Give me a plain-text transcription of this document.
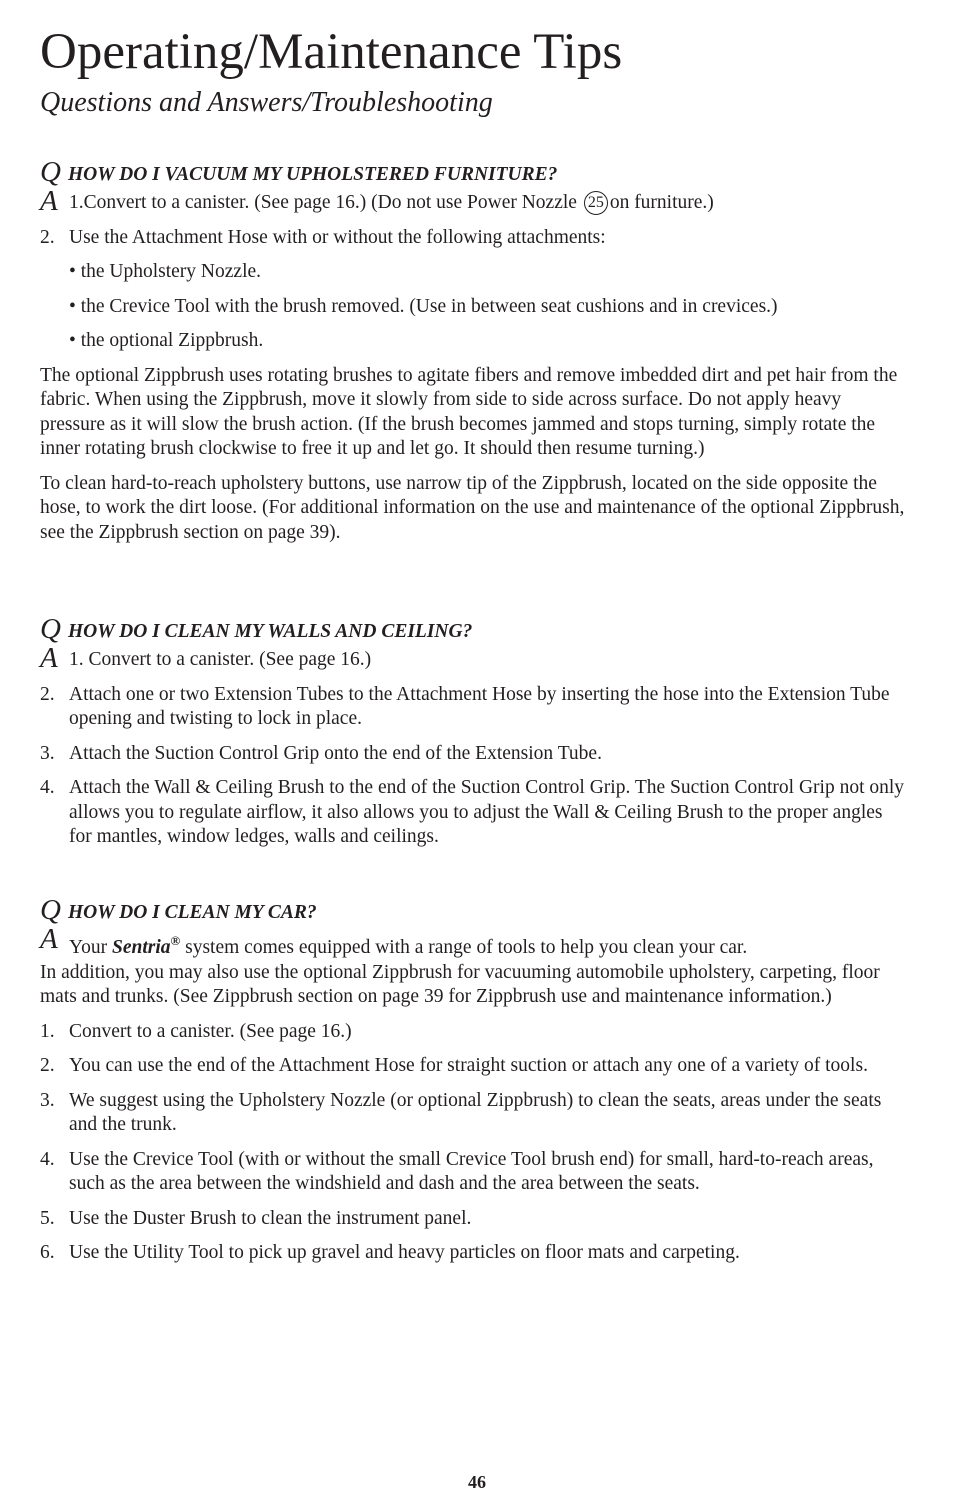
Operating/Maintenance Tips
Questions and Answers/Troubleshooting
Q HOW DO I VACUUM MY UPHOLSTERED FURNITURE?
A 1.Convert to a canister. (See page 16.) (Do not use Power Nozzle 25 on furniture.)
2. Use the Attachment Hose with or without the following attachments:
• the Upholstery Nozzle.
• the Crevice Tool with the brush removed. (Use in between seat cushions and in crevices.)
• the optional Zippbrush.
The optional Zippbrush uses rotating brushes to agitate fibers and remove imbedded dirt and pet hair from the fabric. When using the Zippbrush, move it slowly from side to side across surface. Do not apply heavy pressure as it will slow the brush action. (If the brush becomes jammed and stops turning, simply rotate the inner rotating brush clockwise to free it up and let go. It should then resume turning.)
To clean hard-to-reach upholstery buttons, use narrow tip of the Zippbrush, located on the side opposite the hose, to work the dirt loose. (For additional information on the use and maintenance of the optional Zippbrush, see the Zippbrush section on page 39).
Q HOW DO I CLEAN MY WALLS AND CEILING?
A 1. Convert to a canister. (See page 16.)
2. Attach one or two Extension Tubes to the Attachment Hose by inserting the hose into the Extension Tube opening and twisting to lock in place.
3. Attach the Suction Control Grip onto the end of the Extension Tube.
4. Attach the Wall & Ceiling Brush to the end of the Suction Control Grip. The Suction Control Grip not only allows you to regulate airflow, it also allows you to adjust the Wall & Ceiling Brush to the proper angles for mantles, window ledges, walls and ceilings.
Q HOW DO I CLEAN MY CAR?
A Your Sentria® system comes equipped with a range of tools to help you clean your car.
In addition, you may also use the optional Zippbrush for vacuuming automobile upholstery, carpeting, floor mats and trunks. (See Zippbrush section on page 39 for Zippbrush use and maintenance information.)
1. Convert to a canister. (See page 16.)
2. You can use the end of the Attachment Hose for straight suction or attach any one of a variety of tools.
3. We suggest using the Upholstery Nozzle (or optional Zippbrush) to clean the seats, areas under the seats and the trunk.
4. Use the Crevice Tool (with or without the small Crevice Tool brush end) for small, hard-to-reach areas, such as the area between the windshield and dash and the area between the seats.
5. Use the Duster Brush to clean the instrument panel.
6. Use the Utility Tool to pick up gravel and heavy particles on floor mats and carpeting.
46
